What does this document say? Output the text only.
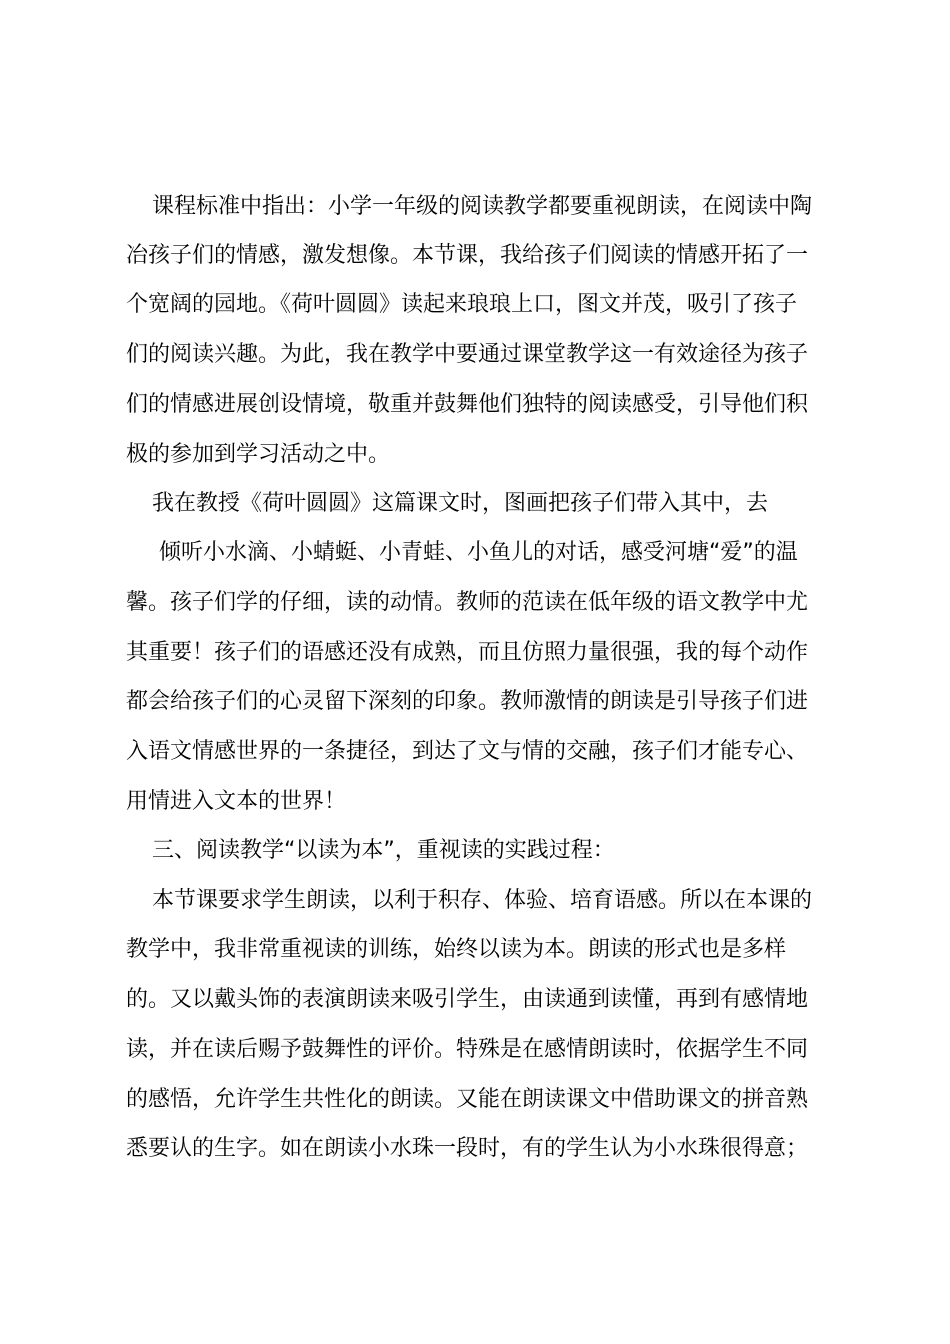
课程标准中指出：小学一年级的阅读教学都要重视朗读，在阅读中陶
冶孩子们的情感，激发想像。本节课，我给孩子们阅读的情感开拓了一
个宽阔的园地。《荷叶圆圆》读起来琅琅上口，图文并茂，吸引了孩子
们的阅读兴趣。为此，我在教学中要通过课堂教学这一有效途径为孩子
们的情感进展创设情境，敬重并鼓舞他们独特的阅读感受，引导他们积
极的参加到学习活动之中。
我在教授《荷叶圆圆》这篇课文时，图画把孩子们带入其中，去
倾听小水滴、小蜻蜓、小青蛙、小鱼儿的对话，感受河塘“爱”的温
馨。孩子们学的仔细，读的动情。教师的范读在低年级的语文教学中尤
其重要！孩子们的语感还没有成熟，而且仿照力量很强，我的每个动作
都会给孩子们的心灵留下深刻的印象。教师激情的朗读是引导孩子们进
入语文情感世界的一条捷径，到达了文与情的交融，孩子们才能专心、
用情进入文本的世界！
三、阅读教学“以读为本”，重视读的实践过程：
本节课要求学生朗读，以利于积存、体验、培育语感。所以在本课的
教学中，我非常重视读的训练，始终以读为本。朗读的形式也是多样
的。又以戴头饰的表演朗读来吸引学生，由读通到读懂，再到有感情地
读，并在读后赐予鼓舞性的评价。特殊是在感情朗读时，依据学生不同
的感悟，允许学生共性化的朗读。又能在朗读课文中借助课文的拼音熟
悉要认的生字。如在朗读小水珠一段时，有的学生认为小水珠很得意；
